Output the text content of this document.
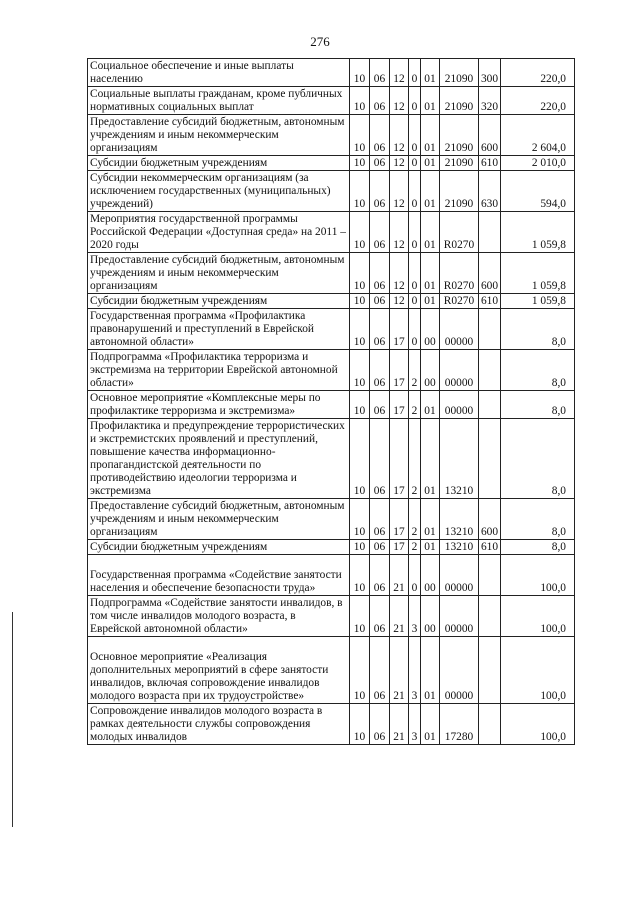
276
Социальное обеспечение и иные выплаты населению	10	06	12	0	01	21090	300	220,0
Социальные выплаты гражданам, кроме публичных нормативных социальных выплат	10	06	12	0	01	21090	320	220,0
Предоставление субсидий бюджетным, автономным учреждениям и иным некоммерческим организациям	10	06	12	0	01	21090	600	2 604,0
Субсидии бюджетным учреждениям	10	06	12	0	01	21090	610	2 010,0
Субсидии некоммерческим организациям (за исключением государственных (муниципальных) учреждений)	10	06	12	0	01	21090	630	594,0
Мероприятия государственной программы Российской Федерации «Доступная среда» на 2011 – 2020 годы	10	06	12	0	01	R0270		1 059,8
Предоставление субсидий бюджетным, автономным учреждениям и иным некоммерческим организациям	10	06	12	0	01	R0270	600	1 059,8
Субсидии бюджетным учреждениям	10	06	12	0	01	R0270	610	1 059,8
Государственная программа «Профилактика правонарушений и преступлений в Еврейской автономной области»	10	06	17	0	00	00000		8,0
Подпрограмма «Профилактика терроризма и экстремизма на территории Еврейской автономной области»	10	06	17	2	00	00000		8,0
Основное мероприятие «Комплексные меры по профилактике терроризма и экстремизма»	10	06	17	2	01	00000		8,0
Профилактика и предупреждение террористических и экстремистских проявлений и преступлений, повышение качества информационно-пропагандистской деятельности по противодействию идеологии терроризма и экстремизма	10	06	17	2	01	13210		8,0
Предоставление субсидий бюджетным, автономным учреждениям и иным некоммерческим организациям	10	06	17	2	01	13210	600	8,0
Субсидии бюджетным учреждениям	10	06	17	2	01	13210	610	8,0
Государственная программа «Содействие занятости населения и обеспечение безопасности труда»	10	06	21	0	00	00000		100,0
Подпрограмма «Содействие занятости инвалидов, в том числе инвалидов молодого возраста, в Еврейской автономной области»	10	06	21	3	00	00000		100,0
Основное мероприятие «Реализация дополнительных мероприятий в сфере занятости инвалидов, включая сопровождение инвалидов молодого возраста при их трудоустройстве»	10	06	21	3	01	00000		100,0
Сопровождение инвалидов молодого возраста в рамках деятельности службы сопровождения молодых инвалидов	10	06	21	3	01	17280		100,0
